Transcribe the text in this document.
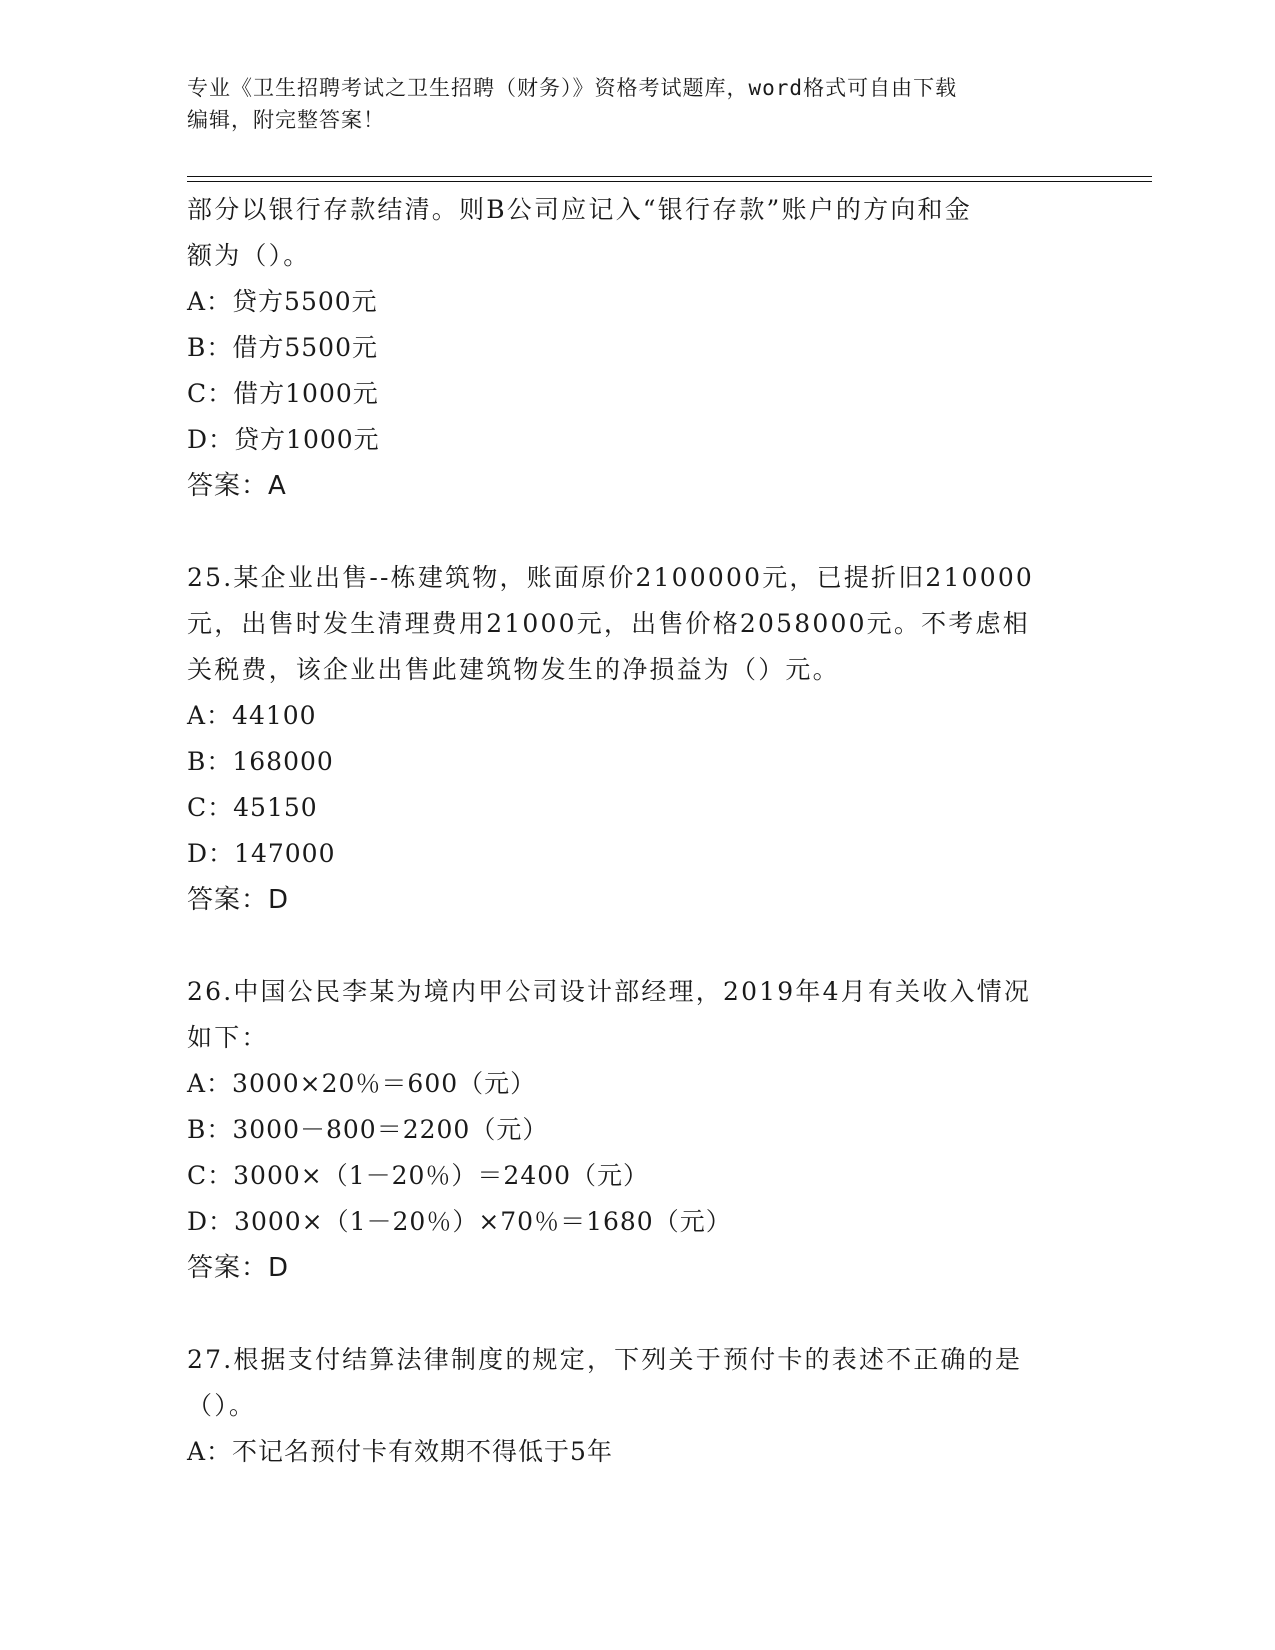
专业《卫生招聘考试之卫生招聘（财务）》资格考试题库，word格式可自由下载
编辑，附完整答案！

部分以银行存款结清。则B公司应记入“银行存款”账户的方向和金

额为（）。

A：贷方5500元

B：借方5500元

C：借方1000元

D：贷方1000元

答案：A

25.某企业出售--栋建筑物，账面原价2100000元，已提折旧210000

元，出售时发生清理费用21000元，出售价格2058000元。不考虑相

关税费，该企业出售此建筑物发生的净损益为（）元。

A：44100

B：168000

C：45150

D：147000

答案：D

26.中国公民李某为境内甲公司设计部经理，2019年4月有关收入情况

如下：

A：3000×20％＝600（元）

B：3000－800＝2200（元）

C：3000×（1－20％）＝2400（元）

D：3000×（1－20％）×70％＝1680（元）

答案：D

27.根据支付结算法律制度的规定，下列关于预付卡的表述不正确的是

（）。

A：不记名预付卡有效期不得低于5年
